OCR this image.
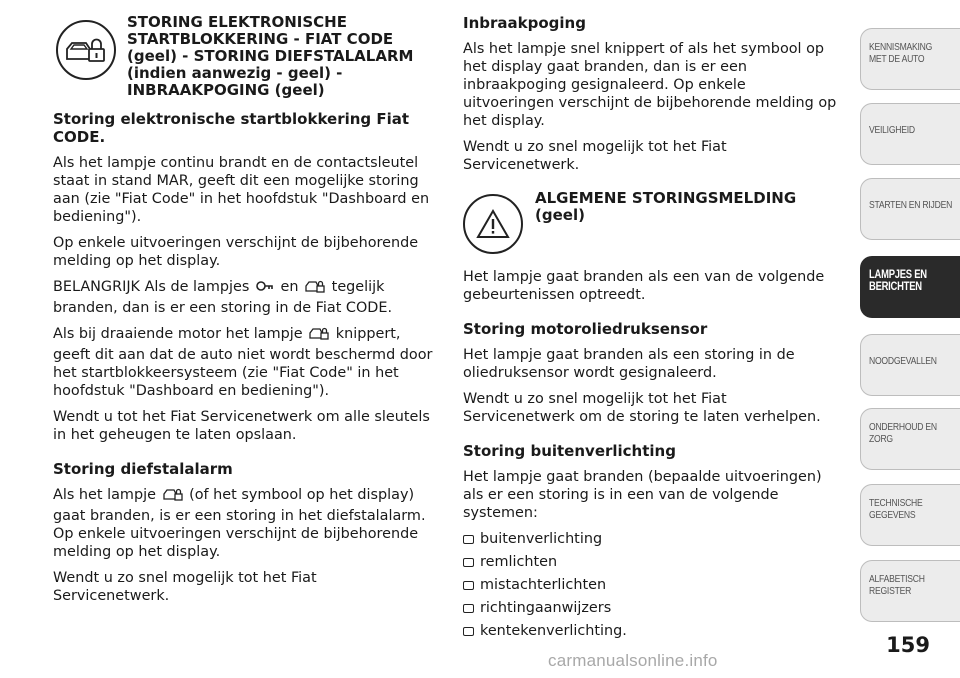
STORING ELEKTRONISCHE STARTBLOKKERING - FIAT CODE (geel) - STORING DIEFSTALALARM (indien aanwezig - geel) - INBRAAKPOGING (geel)
Storing elektronische startblokkering Fiat CODE.

Als het lampje continu brandt en de contactsleutel staat in stand MAR, geeft dit een mogelijke storing aan (zie "Fiat Code" in het hoofdstuk "Dashboard en bediening").

Op enkele uitvoeringen verschijnt de bijbehorende melding op het display.

BELANGRIJK Als de lampjes en tegelijk branden, dan is er een storing in de Fiat CODE.

Als bij draaiende motor het lampje knippert, geeft dit aan dat de auto niet wordt beschermd door het startblokkeersysteem (zie "Fiat Code" in het hoofdstuk "Dashboard en bediening").

Wendt u tot het Fiat Servicenetwerk om alle sleutels in het geheugen te laten opslaan.

Storing diefstalalarm

Als het lampje (of het symbool op het display) gaat branden, is er een storing in het diefstalalarm. Op enkele uitvoeringen verschijnt de bijbehorende melding op het display.

Wendt u zo snel mogelijk tot het Fiat Servicenetwerk.

Inbraakpoging

Als het lampje snel knippert of als het symbool op het display gaat branden, dan is er een inbraakpoging gesignaleerd. Op enkele uitvoeringen verschijnt de bijbehorende melding op het display.

Wendt u zo snel mogelijk tot het Fiat Servicenetwerk.

ALGEMENE STORINGSMELDING (geel)

Het lampje gaat branden als een van de volgende gebeurtenissen optreedt.

Storing motoroliedruksensor

Het lampje gaat branden als een storing in de oliedruksensor wordt gesignaleerd.

Wendt u zo snel mogelijk tot het Fiat Servicenetwerk om de storing te laten verhelpen.

Storing buitenverlichting

Het lampje gaat branden (bepaalde uitvoeringen) als er een storing is in een van de volgende systemen:

buitenverlichting
remlichten
mistachterlichten
richtingaanwijzers
kentekenverlichting.
KENNISMAKING
MET DE AUTO
VEILIGHEID
STARTEN EN RIJDEN
LAMPJES EN
BERICHTEN
NOODGEVALLEN
ONDERHOUD EN
ZORG
TECHNISCHE
GEGEVENS
ALFABETISCH
REGISTER
159
carmanualsonline.info
